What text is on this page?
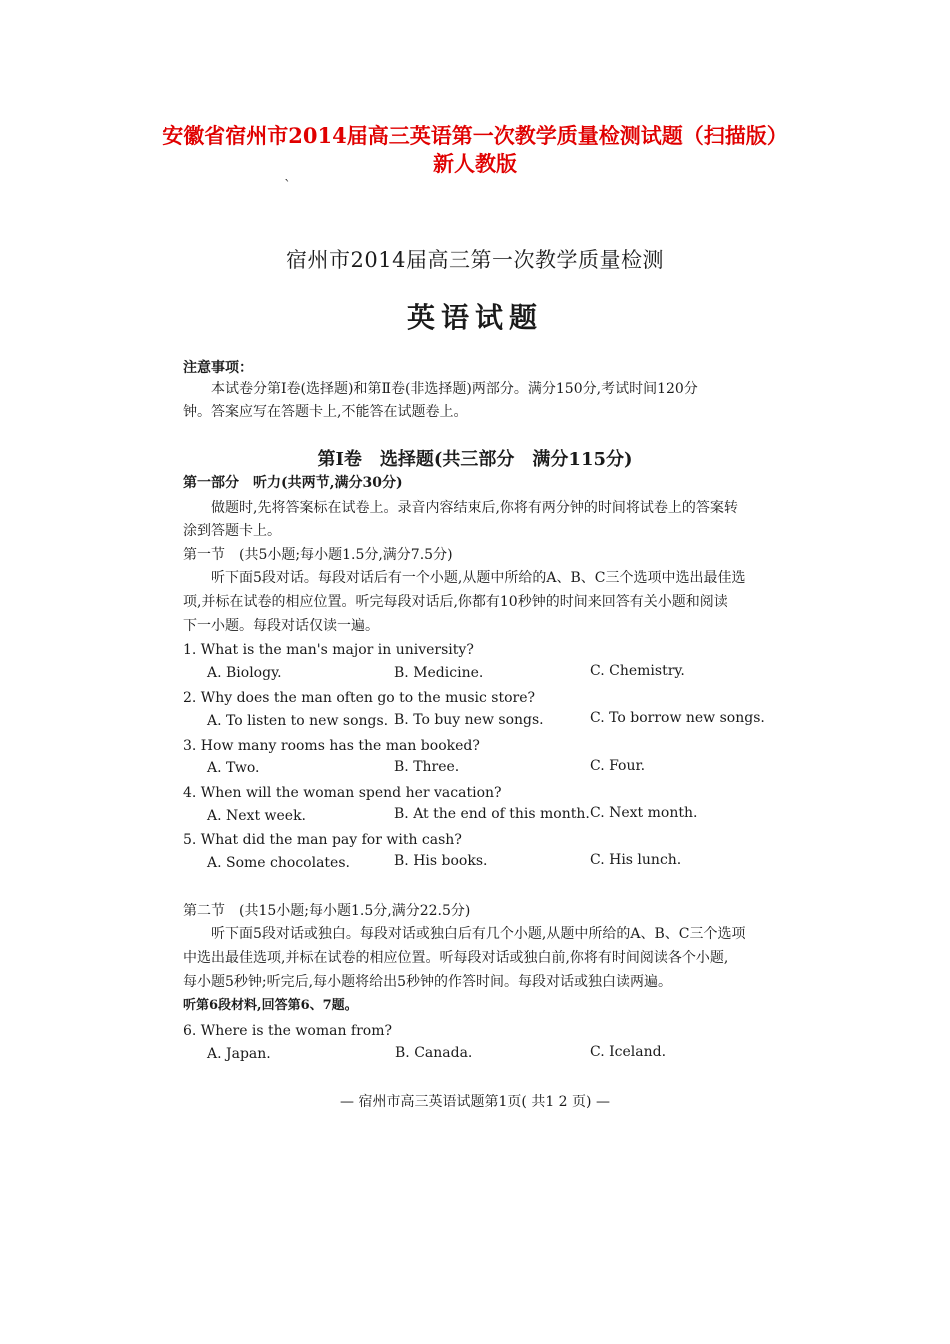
安徽省宿州市2014届高三英语第一次教学质量检测试题（扫描版）
新人教版
`
宿州市2014届高三第一次教学质量检测
英语试题
注意事项：
本试卷分第Ⅰ卷(选择题)和第Ⅱ卷(非选择题)两部分。满分150分,考试时间120分
钟。答案应写在答题卡上,不能答在试题卷上。
第Ⅰ卷　选择题(共三部分　满分115分)
第一部分　听力(共两节,满分30分)
做题时,先将答案标在试卷上。录音内容结束后,你将有两分钟的时间将试卷上的答案转
涂到答题卡上。
第一节　(共5小题;每小题1.5分,满分7.5分)
听下面5段对话。每段对话后有一个小题,从题中所给的A、B、C三个选项中选出最佳选
项,并标在试卷的相应位置。听完每段对话后,你都有10秒钟的时间来回答有关小题和阅读
下一小题。每段对话仅读一遍。
1. What is the man's major in university?
A. Biology.	B. Medicine.	C. Chemistry.
2. Why does the man often go to the music store?
A. To listen to new songs. B. To buy new songs.	C. To borrow new songs.
3. How many rooms has the man booked?
A. Two.	B. Three.	C. Four.
4. When will the woman spend her vacation?
A. Next week.	B. At the end of this month. C. Next month.
5. What did the man pay for with cash?
A. Some chocolates.	B. His books.	C. His lunch.
第二节　(共15小题;每小题1.5分,满分22.5分)
听下面5段对话或独白。每段对话或独白后有几个小题,从题中所给的A、B、C三个选项
中选出最佳选项,并标在试卷的相应位置。听每段对话或独白前,你将有时间阅读各个小题,
每小题5秒钟;听完后,每小题将给出5秒钟的作答时间。每段对话或独白读两遍。
听第6段材料,回答第6、7题。
6. Where is the woman from?
A. Japan.	B. Canada.	C. Iceland.
— 宿州市高三英语试题第1页( 共1 2 页) —
